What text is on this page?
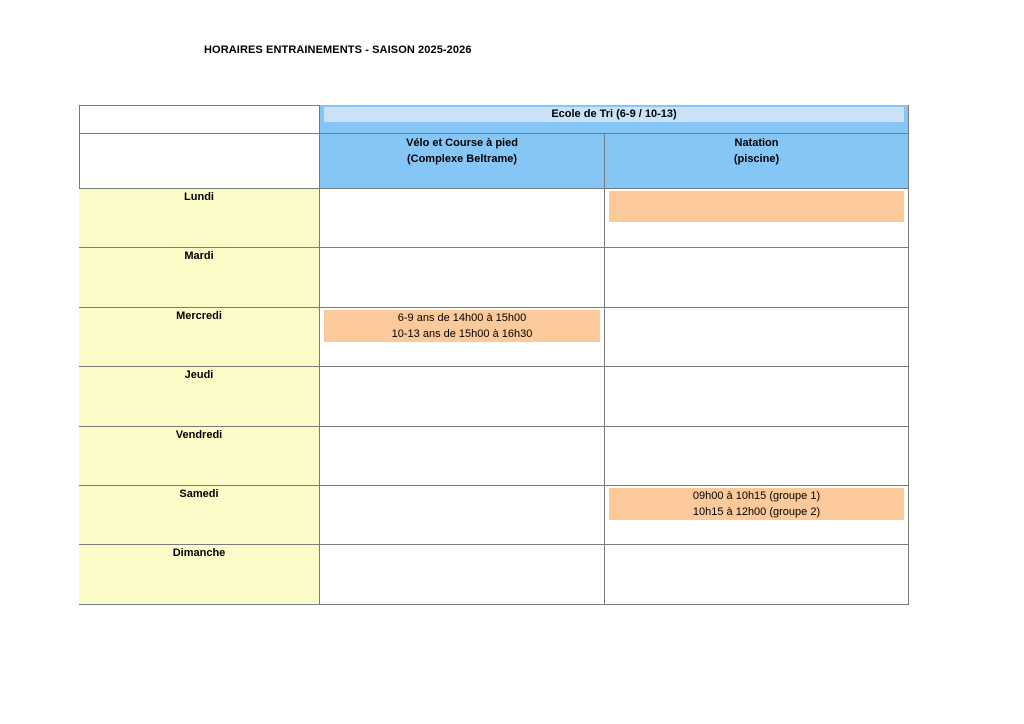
HORAIRES ENTRAINEMENTS - SAISON 2025-2026
Ecole de Tri (6-9 / 10-13)
Vélo et Course à pied
(Complexe Beltrame)
Natation
(piscine)
Lundi
Mardi
Mercredi	6-9 ans de 14h00 à 15h00
10-13 ans de 15h00 à 16h30
Jeudi
Vendredi
Samedi	09h00 à 10h15 (groupe 1)
10h15 à 12h00 (groupe 2)
Dimanche
